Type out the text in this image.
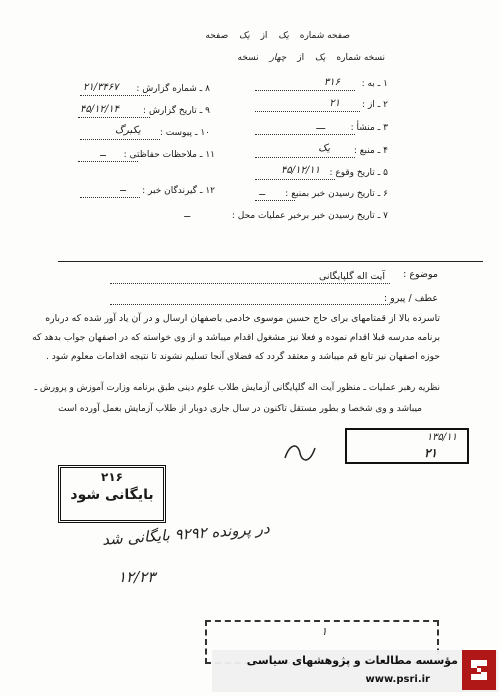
صفحه شماره یک از یک صفحه
نسخه شماره یک از چهار نسخه
۱ ـ به :
۳۱۶
۲ ـ از :
۲۱
۳ ـ منشأ :
ـــ
۴ ـ منبع :
یک
۵ ـ تاریخ وقوع :
۴۵/۱۲/۱۱
۶ ـ تاریخ رسیدن خبر بمنبع :
ــ
۷ ـ تاریخ رسیدن خبر برخبر عملیات محل :
ــ
۸ ـ شماره گزارش :
۲۱/۳۴۶۷
۹ ـ تاریخ گزارش :
۴۵/۱۲/۱۴
۱۰ ـ پیوست :
یکبرگ
۱۱ ـ ملاحظات حفاظتی :
ــ
۱۲ ـ گیرندگان خبر :
ــ
موضوع :
آیت اله گلپایگانی
عطف / پیرو :
تاسرده بالا از قمتامهای برای حاج حسین موسوی خادمی باصفهان ارسال و در آن یاد آور شده که درباره
برنامه مدرسه قبلا اقدام نموده و فعلا نیز مشغول اقدام میباشد و از وی خواسته که در اصفهان جواب بدهد که
حوزه اصفهان نیز تابع قم میباشد و معتقد گردد که فضلای آنجا تسلیم نشوند تا نتیجه اقدامات معلوم شود .
نظریه رهبر عملیات ـ منظور آیت اله گلپایگانی آزمایش طلاب علوم دینی طبق برنامه وزارت آموزش و پرورش ـ
میباشد و وی شخصا و بطور مستقل تاکنون در سال جاری دوبار از طلاب آزمایش بعمل آورده است
۱۳۵/۱۱
۲۱
۲۱۶
بایگانی شود
در پرونده ۹۲۹۲ بایگانی شد
۱۲/۲۳
۱
مؤسسه مطالعات و پژوهشهای سیاسی
www.psri.ir
